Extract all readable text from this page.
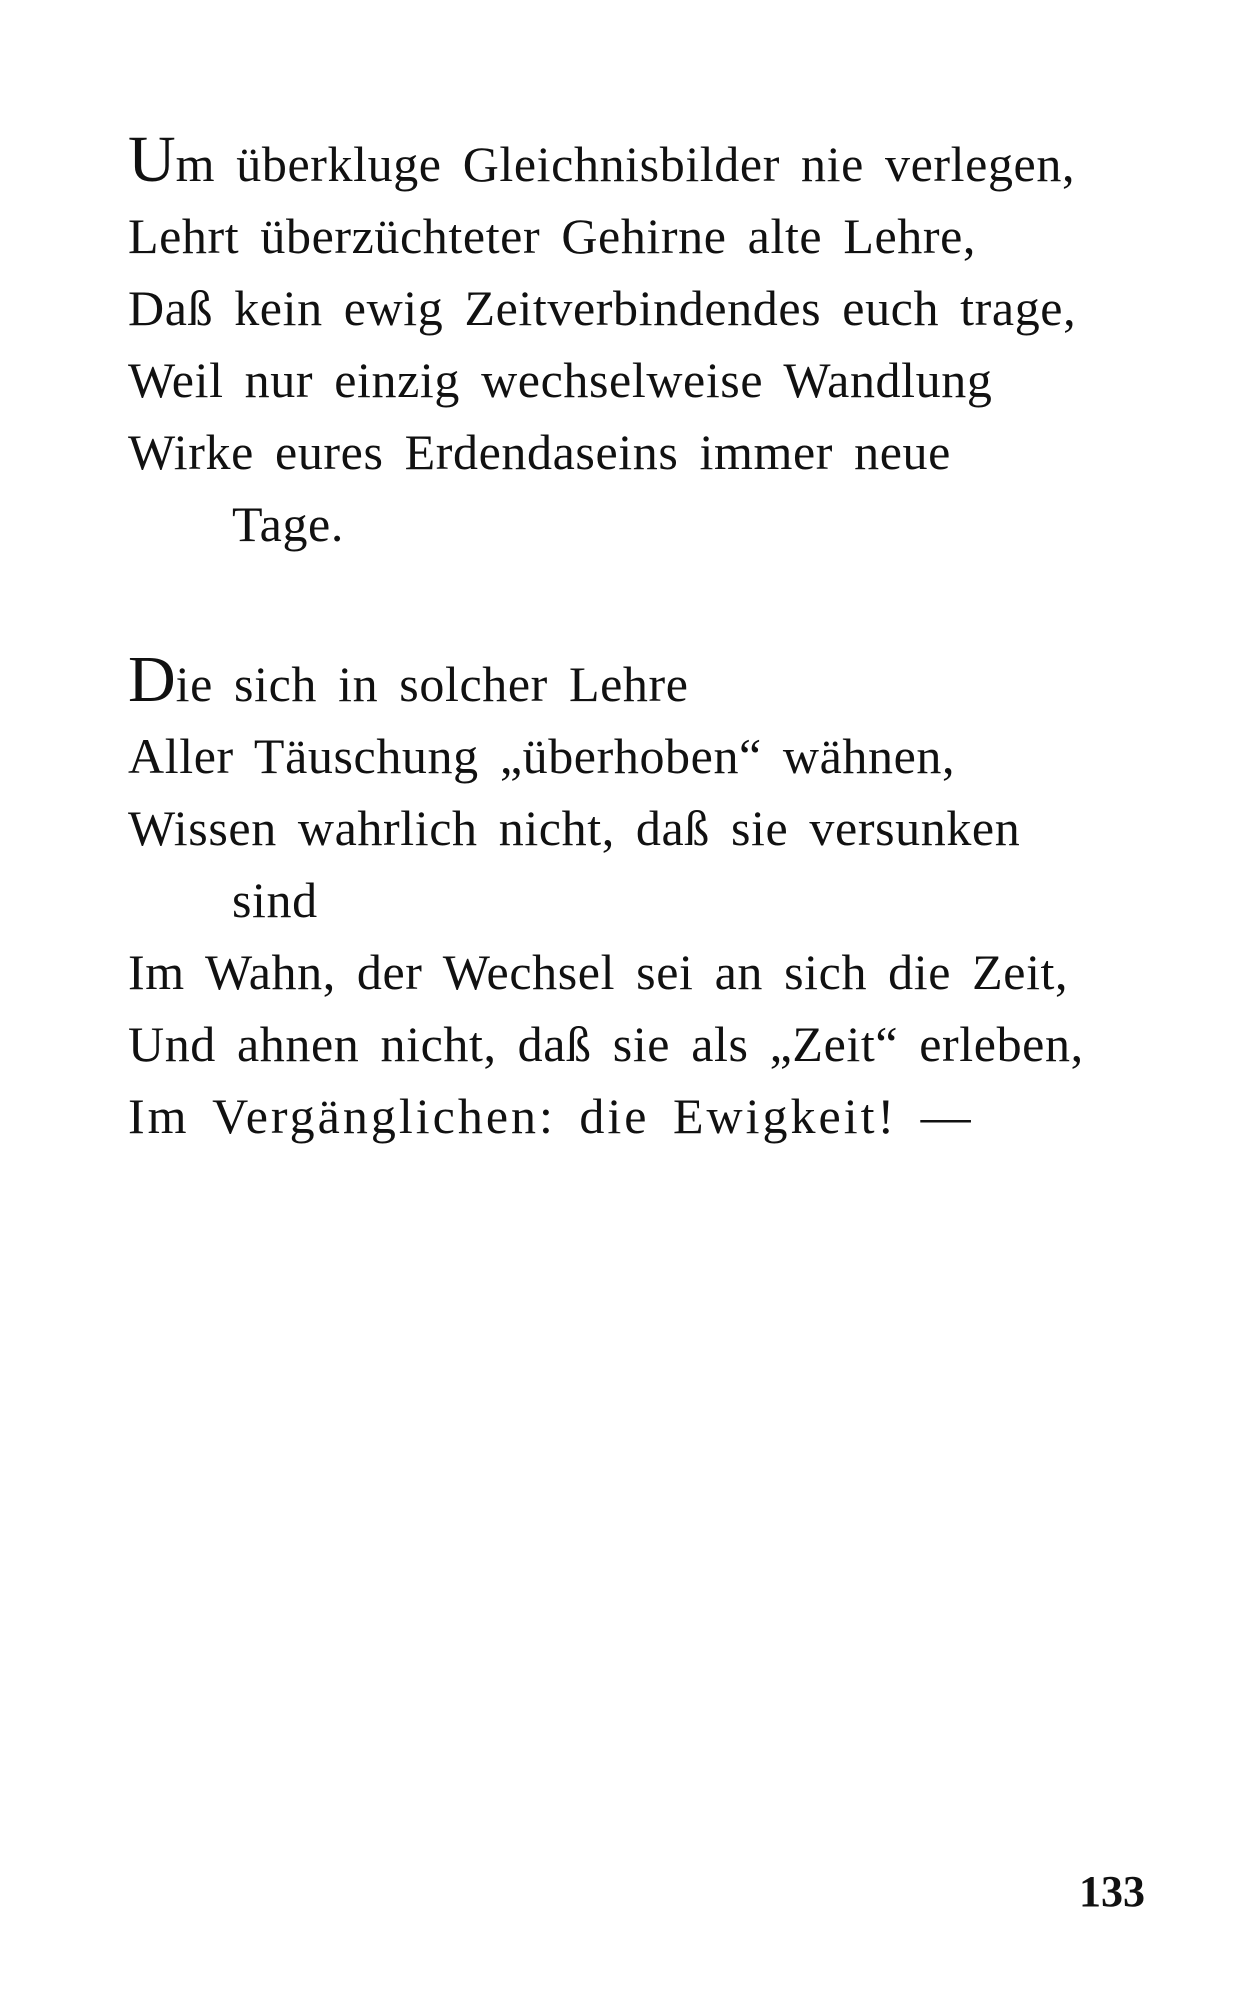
Um überkluge Gleichnisbilder nie verlegen,
Lehrt überzüchteter Gehirne alte Lehre,
Daß kein ewig Zeitverbindendes euch trage,
Weil nur einzig wechselweise Wandlung
Wirke eures Erdendaseins immer neue
Tage.
Die sich in solcher Lehre
Aller Täuschung „überhoben“ wähnen,
Wissen wahrlich nicht, daß sie versunken
sind
Im Wahn, der Wechsel sei an sich die Zeit,
Und ahnen nicht, daß sie als „Zeit“ erleben,
Im Vergänglichen: die Ewigkeit! —
133
